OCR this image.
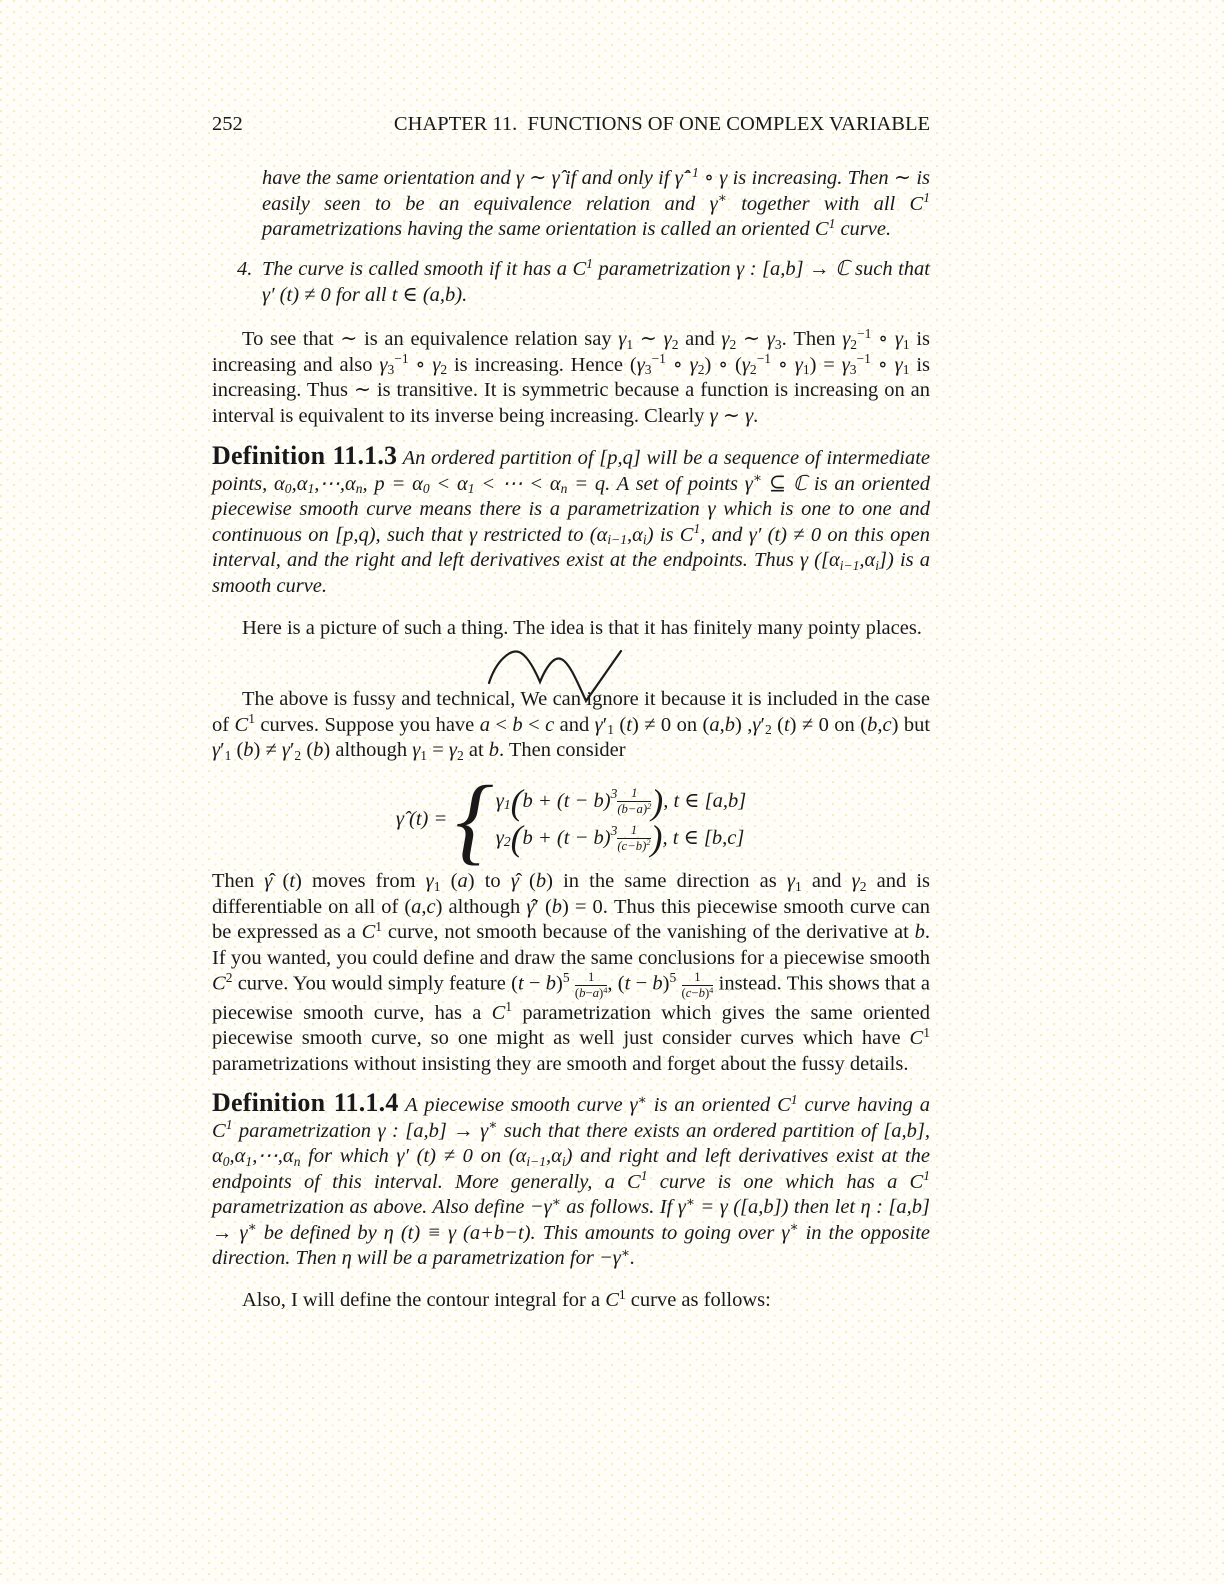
252	CHAPTER 11.  FUNCTIONS OF ONE COMPLEX VARIABLE

have the same orientation and γ ∼ γ̂ if and only if γ̂$^{-1}$ ∘ γ is increasing. Then ∼ is easily seen to be an equivalence relation and γ∗ together with all $C^1$ parametrizations having the same orientation is called an oriented $C^1$ curve.

4. The curve is called smooth if it has a $C^1$ parametrization γ : [a,b] → ℂ such that γ′ (t) ≠ 0 for all t ∈ (a,b).

To see that ∼ is an equivalence relation say $\gamma_1$ ∼ $\gamma_2$ and $\gamma_2$ ∼ $\gamma_3$. Then $\gamma_2^{-1}$ ∘ $\gamma_1$ is increasing and also $\gamma_3^{-1}$ ∘ $\gamma_2$ is increasing. Hence ($\gamma_3^{-1}$ ∘ $\gamma_2$) ∘ ($\gamma_2^{-1}$ ∘ $\gamma_1) = \gamma_3^{-1}$ ∘ $\gamma_1$ is increasing. Thus ∼ is transitive. It is symmetric because a function is increasing on an interval is equivalent to its inverse being increasing. Clearly γ ∼ γ.

Definition 11.1.3 An ordered partition of [p,q] will be a sequence of intermediate points, $\alpha_0,\alpha_1,\cdots,\alpha_n$, $p = \alpha_0 < \alpha_1$ < ⋯ < $\alpha_n = q$. A set of points γ∗ ⊆ ℂ is an oriented piecewise smooth curve means there is a parametrization γ which is one to one and continuous on [p,q), such that γ restricted to $(\alpha_{i-1},\alpha_i)$ is $C^1$, and γ′ (t) ≠ 0 on this open interval, and the right and left derivatives exist at the endpoints. Thus γ $([\alpha_{i-1},\alpha_i])$ is a smooth curve.

Here is a picture of such a thing. The idea is that it has finitely many pointy places.

The above is fussy and technical, We can ignore it because it is included in the case of $C^1$ curves. Suppose you have a < b < c and $\gamma'_1$ (t) ≠ 0 on (a,b) $,\gamma'_2$ (t) ≠ 0 on (b,c) but $\gamma'_1$ $(b) \ne \gamma'_2$ (b) although $\gamma_1 = \gamma_2$ at b. Then consider

γ̂ (t) = { $\gamma_1$ ( $b + (t - b)^3 \frac{1}{(b-a)^2}$ ) , t ∈ [a,b]
$\gamma_2$ ( $b + (t - b)^3 \frac{1}{(c-b)^2}$ ) , t ∈ [b,c]

Then γ̂ (t) moves from $\gamma_1$ (a) to γ̂ (b) in the same direction as $\gamma_1$ and $\gamma_2$ and is differentiable on all of (a,c) although γ̂′ (b) = 0. Thus this piecewise smooth curve can be expressed as a $C^1$ curve, not smooth because of the vanishing of the derivative at b. If you wanted, you could define and draw the same conclusions for a piecewise smooth $C^2$ curve. You would simply feature $(t - b)^5 \frac{1}{(b-a)^4}$ , $(t - b)^5 \frac{1}{(c-b)^4}$ instead. This shows that a piecewise smooth curve, has a $C^1$ parametrization which gives the same oriented piecewise smooth curve, so one might as well just consider curves which have $C^1$ parametrizations without insisting they are smooth and forget about the fussy details.

Definition 11.1.4 A piecewise smooth curve γ∗ is an oriented $C^1$ curve having a $C^1$ parametrization γ : [a,b] → γ∗ such that there exists an ordered partition of [a,b], $\alpha_0,\alpha_1,\cdots,\alpha_n$ for which γ′ (t) ≠ 0 on $(\alpha_{i-1},\alpha_i)$ and right and left derivatives exist at the endpoints of this interval. More generally, a $C^1$ curve is one which has a $C^1$ parametrization as above. Also define −γ∗ as follows. If γ∗ = γ ([a,b]) then let η : [a,b] → γ∗ be defined by η (t) ≡ γ (a+b−t). This amounts to going over γ∗ in the opposite direction. Then η will be a parametrization for −γ∗.

Also, I will define the contour integral for a $C^1$ curve as follows:
